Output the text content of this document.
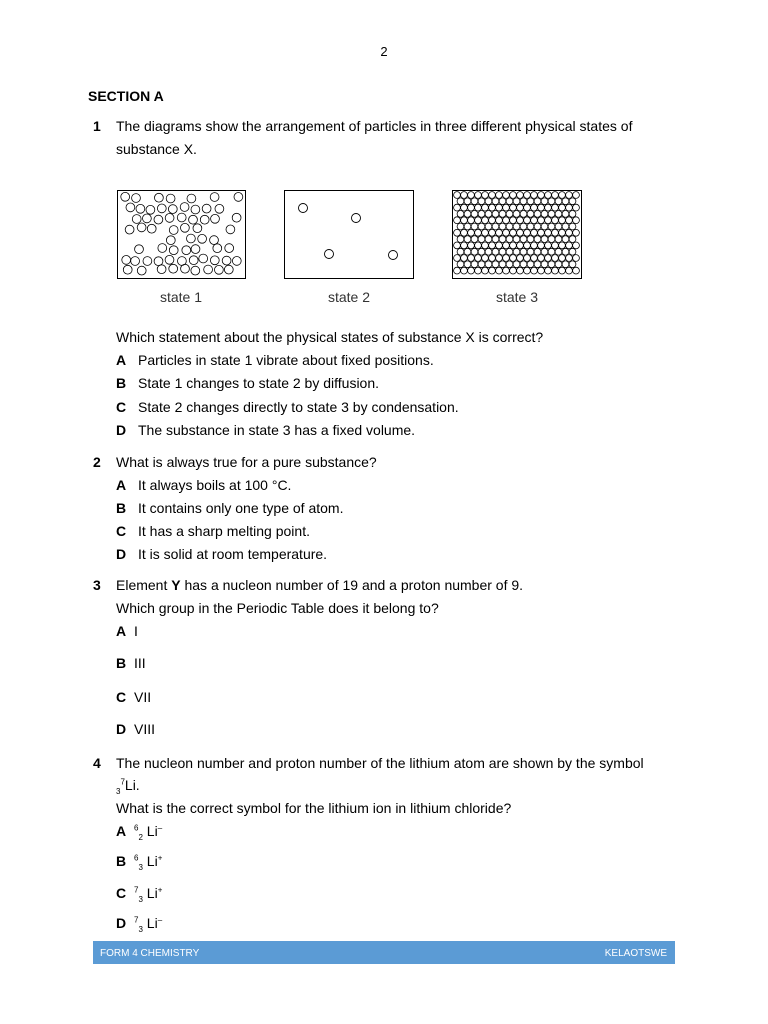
2
SECTION A
1 The diagrams show the arrangement of particles in three different physical states of
substance X.
state 1	state 2	state 3
Which statement about the physical states of substance X is correct?
A Particles in state 1 vibrate about fixed positions.
B State 1 changes to state 2 by diffusion.
C State 2 changes directly to state 3 by condensation.
D The substance in state 3 has a fixed volume.
2 What is always true for a pure substance?
A It always boils at 100 °C.
B It contains only one type of atom.
C It has a sharp melting point.
D It is solid at room temperature.
3 Element Y has a nucleon number of 19 and a proton number of 9.
Which group in the Periodic Table does it belong to?
A I
B III
C VII
D VIII
4 The nucleon number and proton number of the lithium atom are shown by the symbol
$_3^7$Li.
What is the correct symbol for the lithium ion in lithium chloride?
A $^6_2$ Li–
B $^6_3$ Li+
C $^7_3$ Li+
D $^7_3$ Li–
FORM 4 CHEMISTRY	KELAOTSWE
